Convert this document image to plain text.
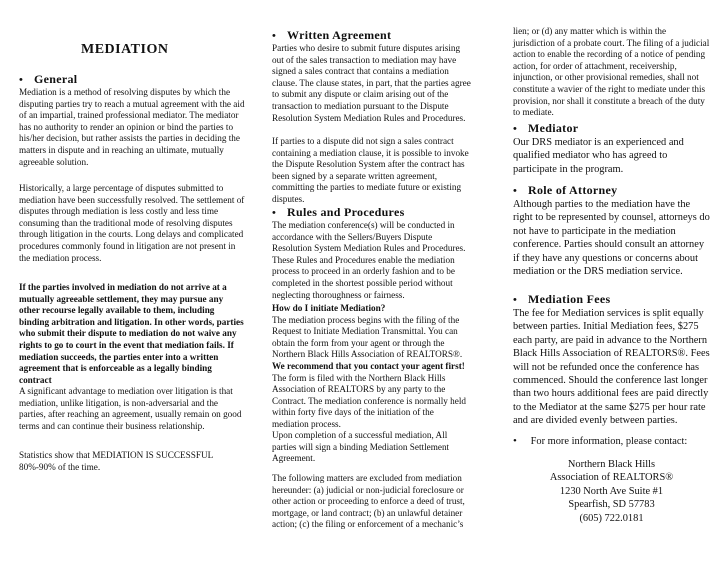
MEDIATION

• General

Mediation is a method of resolving disputes by which the disputing parties try to reach a mutual agreement with the aid of an impartial, trained professional mediator. The mediator has no authority to render an opinion or bind the parties to his/her decision, but rather assists the parties in deciding the matters in dispute and in reaching an ultimate, mutually agreeable solution.

Historically, a large percentage of disputes submitted to mediation have been successfully resolved. The settlement of disputes through mediation is less costly and less time consuming than the traditional mode of resolving disputes through litigation in the courts. Long delays and complicated procedures commonly found in litigation are not present in the mediation process.

If the parties involved in mediation do not arrive at a mutually agreeable settlement, they may pursue any other recourse legally available to them, including binding arbitration and litigation. In other words, parties who submit their dispute to mediation do not waive any rights to go to court in the event that mediation fails. If mediation succeeds, the parties enter into a written agreement that is enforceable as a legally binding contract

A significant advantage to mediation over litigation is that mediation, unlike litigation, is non-adversarial and the parties, after reaching an agreement, usually remain on good terms and can continue their business relationship.

Statistics show that MEDIATION IS SUCCESSFUL 80%-90% of the time.

• Written Agreement

Parties who desire to submit future disputes arising out of the sales transaction to mediation may have signed a sales contract that contains a mediation clause. The clause states, in part, that the parties agree to submit any dispute or claim arising out of the transaction to mediation pursuant to the Dispute Resolution System Mediation Rules and Procedures.

If parties to a dispute did not sign a sales contract containing a mediation clause, it is possible to invoke the Dispute Resolution System after the contract has been signed by a separate written agreement, committing the parties to mediate future or existing disputes.

• Rules and Procedures

The mediation conference(s) will be conducted in accordance with the Sellers/Buyers Dispute Resolution System Mediation Rules and Procedures. These Rules and Procedures enable the mediation process to proceed in an orderly fashion and to be completed in the shortest possible period without neglecting thoroughness or fairness.

How do I initiate Mediation?

The mediation process begins with the filing of the Request to Initiate Mediation Transmittal. You can obtain the form from your agent or through the Northern Black Hills Association of REALTORS®. We recommend that you contact your agent first! The form is filed with the Northern Black Hills Association of REALTORS by any party to the Contract. The mediation conference is normally held within forty five days of the initiation of the mediation process.

Upon completion of a successful mediation, All parties will sign a binding Mediation Settlement Agreement.

The following matters are excluded from mediation hereunder: (a) judicial or non-judicial foreclosure or other action or proceeding to enforce a deed of trust, mortgage, or land contract; (b) an unlawful detainer action; (c) the filing or enforcement of a mechanic’s

lien; or (d) any matter which is within the jurisdiction of a probate court. The filing of a judicial action to enable the recording of a notice of pending action, for order of attachment, receivership, injunction, or other provisional remedies, shall not constitute a wavier of the right to mediate under this provision, nor shall it constitute a breach of the duty to mediate.

• Mediator

Our DRS mediator is an experienced and qualified mediator who has agreed to participate in the program.

• Role of Attorney

Although parties to the mediation have the right to be represented by counsel, attorneys do not have to participate in the mediation conference. Parties should consult an attorney if they have any questions or concerns about mediation or the DRS mediation service.

• Mediation Fees

The fee for Mediation services is split equally between parties. Initial Mediation fees, $275 each party, are paid in advance to the Northern Black Hills Association of REALTORS®. Fees will not be refunded once the conference has commenced. Should the conference last longer than two hours additional fees are paid directly to the Mediator at the same $275 per hour rate and are divided evenly between parties.

• For more information, please contact:

Northern Black Hills

Association of REALTORS®

1230 North Ave Suite #1

Spearfish, SD 57783

(605) 722.0181
